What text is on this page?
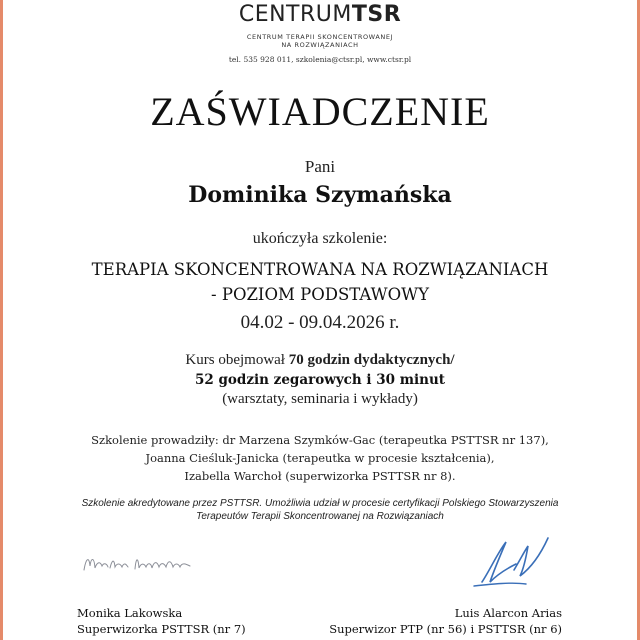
CENTRUMTSR
CENTRUM TERAPII SKONCENTROWANEJ
NA ROZWIĄZANIACH
tel. 535 928 011, szkolenia@ctsr.pl, www.ctsr.pl
ZAŚWIADCZENIE
Pani
Dominika Szymańska
ukończyła szkolenie:
TERAPIA SKONCENTROWANA NA ROZWIĄZANIACH
- POZIOM PODSTAWOWY
04.02 - 09.04.2026 r.
Kurs obejmował 70 godzin dydaktycznych/
52 godzin zegarowych i 30 minut
(warsztaty, seminaria i wykłady)
Szkolenie prowadziły: dr Marzena Szymków-Gac (terapeutka PSTTSR nr 137),
Joanna Cieśluk-Janicka (terapeutka w procesie kształcenia),
Izabella Warchoł (superwizorka PSTTSR nr 8).
Szkolenie akredytowane przez PSTTSR. Umożliwia udział w procesie certyfikacji Polskiego Stowarzyszenia
Terapeutów Terapii Skoncentrowanej na Rozwiązaniach
Monika Lakowska
Superwizorka PSTTSR (nr 7)
Luis Alarcon Arias
Superwizor PTP (nr 56) i PSTTSR (nr 6)
